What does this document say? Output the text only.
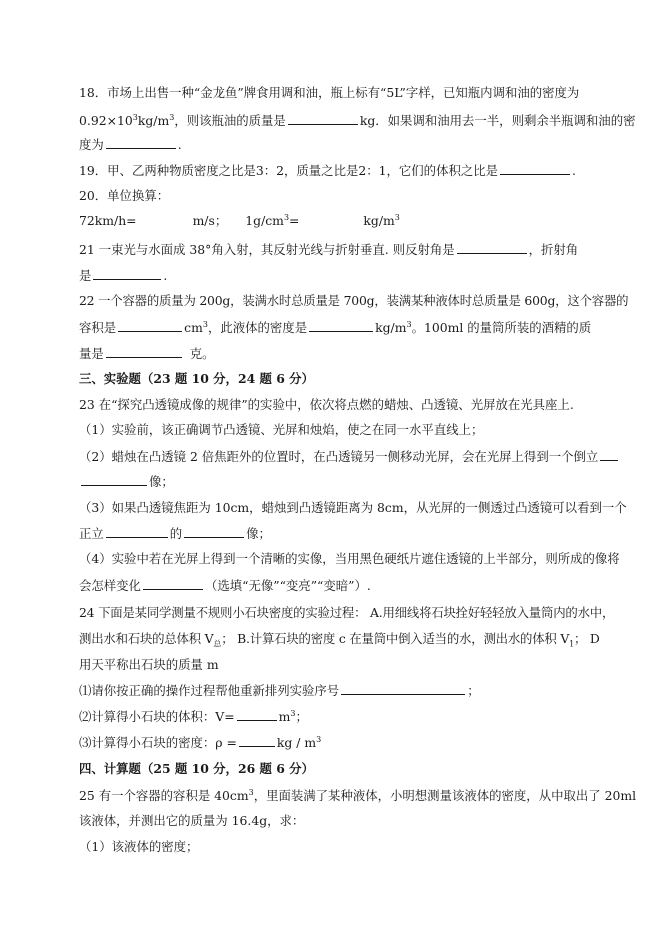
18．市场上出售一种“金龙鱼”牌食用调和油，瓶上标有“5L”字样，已知瓶内调和油的密度为
$0.92\times 10^3kg/m^3$，则该瓶油的质量是	kg．如果调和油用去一半，则剩余半瓶调和油的密
度为	.
19．甲、乙两种物质密度之比是3：2，质量之比是2：1，它们的体积之比是	.
20．单位换算：
72km/h=	m/s； $1g/cm^3=$	$kg/m^3$
21 一束光与水面成 38°角入射，其反射光线与折射垂直. 则反射角是	，折射角
是	.
22 一个容器的质量为 200g，装满水时总质量是 700g，装满某种液体时总质量是 600g，这个容器的
容积是	$cm^3$，此液体的密度是	$kg/m^3$。100ml 的量筒所装的酒精的质
量是	克。
三、实验题（23 题 10 分，24 题 6 分）
23 在“探究凸透镜成像的规律”的实验中，依次将点燃的蜡烛、凸透镜、光屏放在光具座上.
（1）实验前，该正确调节凸透镜、光屏和烛焰，使之在同一水平直线上；
（2）蜡烛在凸透镜 2 倍焦距外的位置时，在凸透镜另一侧移动光屏，会在光屏上得到一个倒立
像；
（3）如果凸透镜焦距为 10cm，蜡烛到凸透镜距离为 8cm，从光屏的一侧透过凸透镜可以看到一个
正立	的	像；
（4）实验中若在光屏上得到一个清晰的实像，当用黑色硬纸片遮住透镜的上半部分，则所成的像将
会怎样变化	（选填“无像”“变亮”“变暗”）.
24 下面是某同学测量不规则小石块密度的实验过程： A.用细线将石块拴好轻轻放入量筒内的水中，
测出水和石块的总体积 $V_总$； B.计算石块的密度 c 在量筒中倒入适当的水，测出水的体积 $V_1$； D
用天平称出石块的质量 m
⑴请你按正确的操作过程帮他重新排列实验序号	；
⑵计算得小石块的体积：V=	$m^3$；
⑶计算得小石块的密度：ρ =	kg / $m^3$
四、计算题（25 题 10 分，26 题 6 分）
25 有一个容器的容积是 $40cm^3$，里面装满了某种液体，小明想测量该液体的密度，从中取出了 20ml
该液体，并测出它的质量为 16.4g，求：
（1）该液体的密度；
